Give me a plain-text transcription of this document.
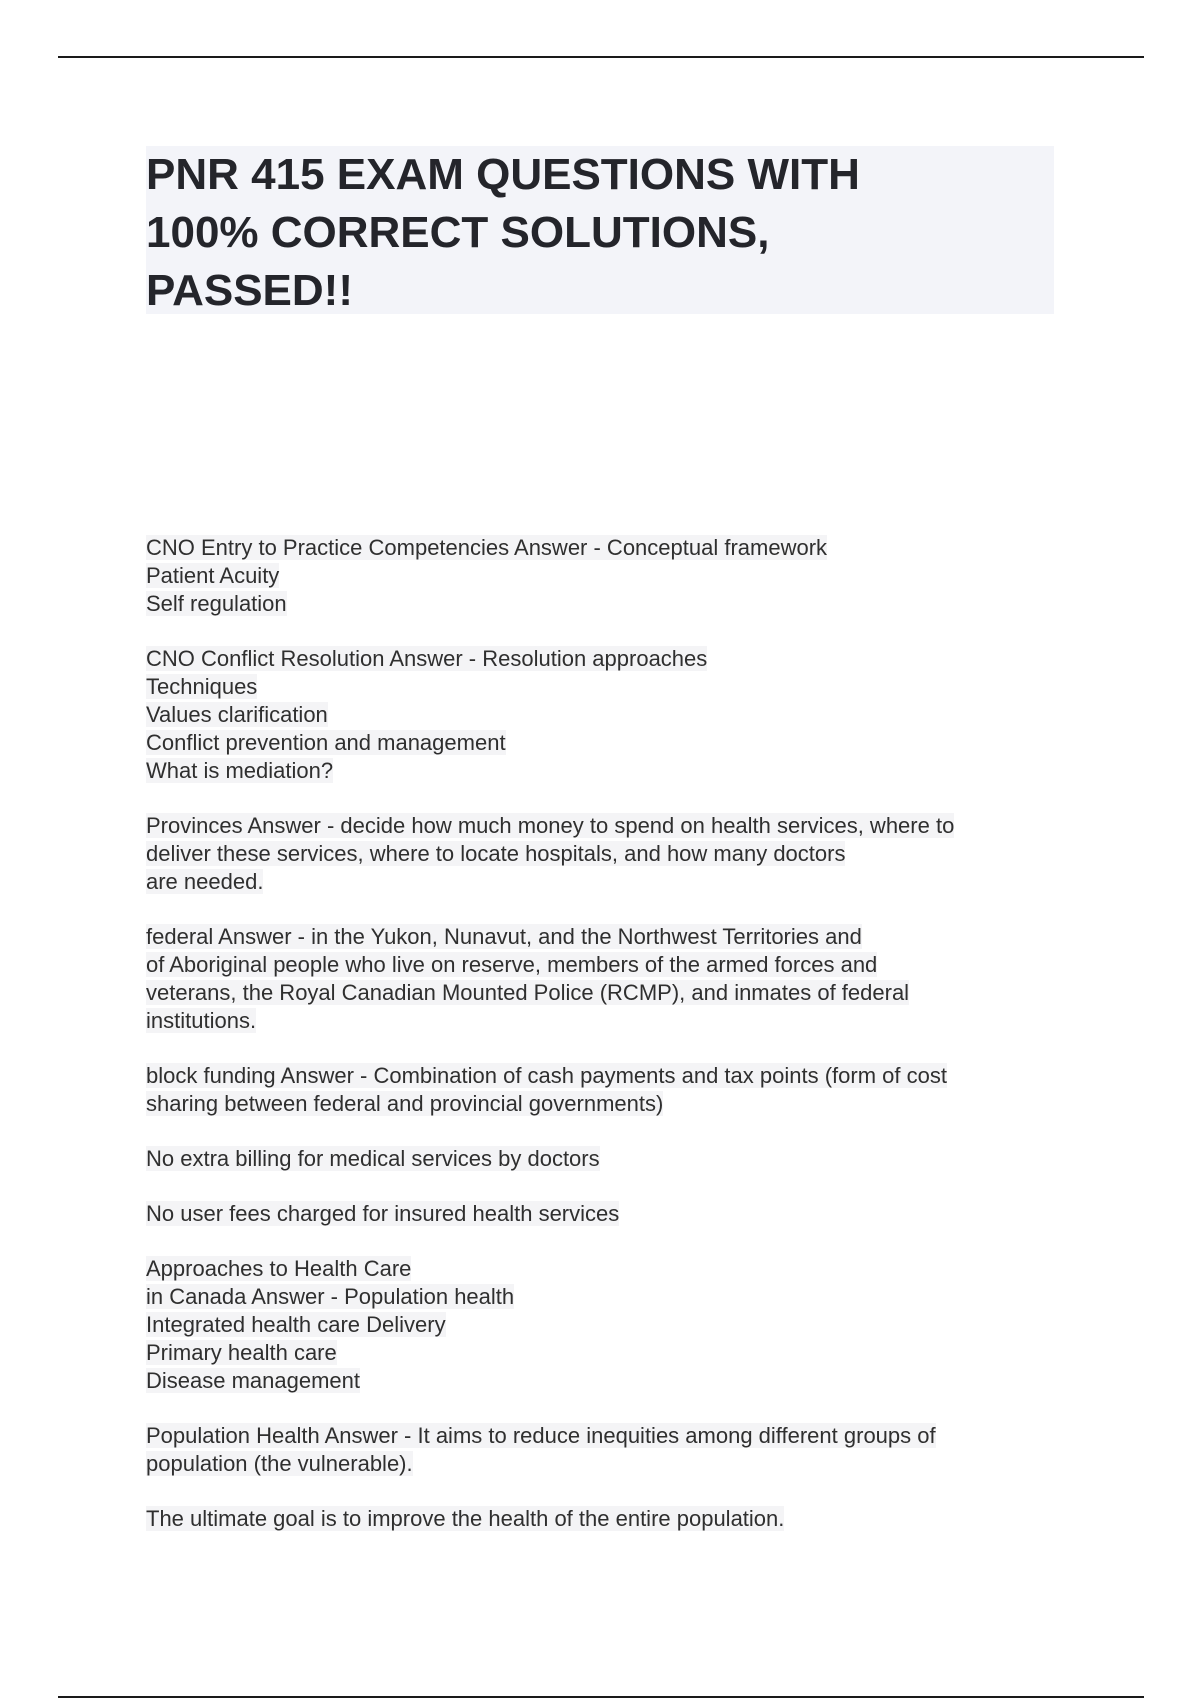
PNR 415 EXAM QUESTIONS WITH
100% CORRECT SOLUTIONS,
PASSED!!
CNO Entry to Practice Competencies Answer - Conceptual framework
Patient Acuity
Self regulation
CNO Conflict Resolution Answer - Resolution approaches
Techniques
Values clarification
Conflict prevention and management
What is mediation?
Provinces Answer - decide how much money to spend on health services, where to
deliver these services, where to locate hospitals, and how many doctors
are needed.
federal Answer - in the Yukon, Nunavut, and the Northwest Territories and
of Aboriginal people who live on reserve, members of the armed forces and
veterans, the Royal Canadian Mounted Police (RCMP), and inmates of federal
institutions.
block funding Answer - Combination of cash payments and tax points (form of cost
sharing between federal and provincial governments)
No extra billing for medical services by doctors
No user fees charged for insured health services
Approaches to Health Care
in Canada Answer - Population health
Integrated health care Delivery
Primary health care
Disease management
Population Health Answer - It aims to reduce inequities among different groups of
population (the vulnerable).
The ultimate goal is to improve the health of the entire population.
